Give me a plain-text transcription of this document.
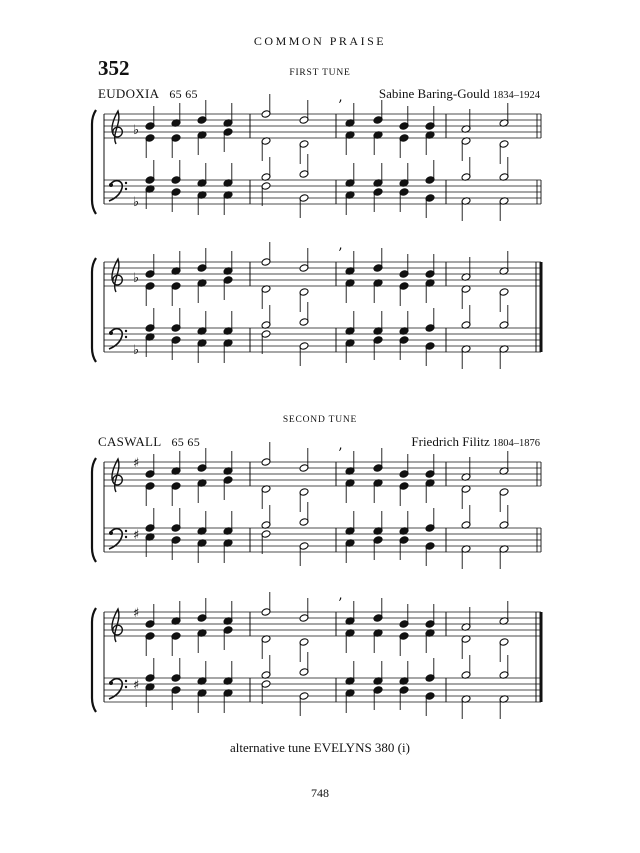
COMMON PRAISE
352	FIRST TUNE
EUDOXIA 65 65	Sabine Baring-Gould 1834–1924
♭
♭
’
♭
♭
’
SECOND TUNE
CASWALL 65 65	Friedrich Filitz 1804–1876
♯
♯
’
♯
♯
’
alternative tune EVELYNS 380 (i)
748
